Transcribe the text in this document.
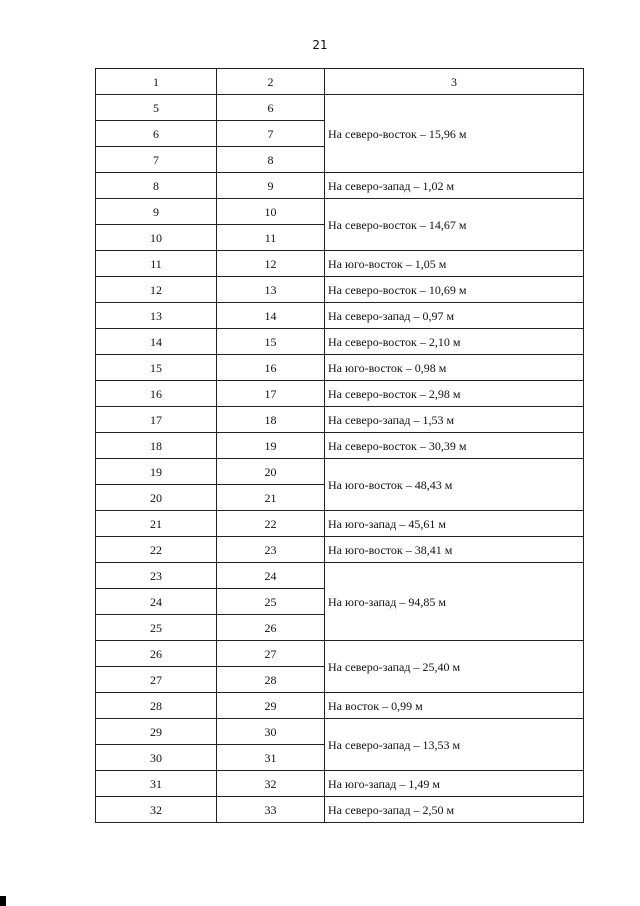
21
1	2	3
5	6	На северо-восток – 15,96 м
6	7	
7	8	
8	9	На северо-запад – 1,02 м
9	10	На северо-восток – 14,67 м
10	11	
11	12	На юго-восток – 1,05 м
12	13	На северо-восток – 10,69 м
13	14	На северо-запад – 0,97 м
14	15	На северо-восток – 2,10 м
15	16	На юго-восток – 0,98 м
16	17	На северо-восток – 2,98 м
17	18	На северо-запад – 1,53 м
18	19	На северо-восток – 30,39 м
19	20	На юго-восток – 48,43 м
20	21	
21	22	На юго-запад – 45,61 м
22	23	На юго-восток – 38,41 м
23	24	На юго-запад – 94,85 м
24	25	
25	26	
26	27	На северо-запад – 25,40 м
27	28	
28	29	На восток – 0,99 м
29	30	На северо-запад – 13,53 м
30	31	
31	32	На юго-запад – 1,49 м
32	33	На северо-запад – 2,50 м
